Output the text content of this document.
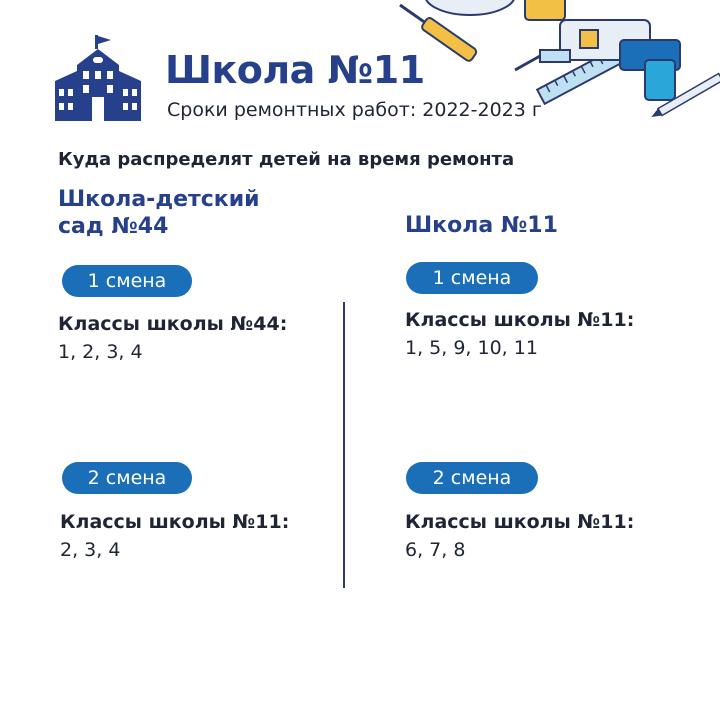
Школа №11
Сроки ремонтных работ: 2022-2023 г
Куда распределят детей на время ремонта
Школа-детский сад №44
1 смена
Классы школы №44:
1, 2, 3, 4
2 смена
Классы школы №11:
2, 3, 4
Школа №11
1 смена
Классы школы №11:
1, 5, 9, 10, 11
2 смена
Классы школы №11:
6, 7, 8
